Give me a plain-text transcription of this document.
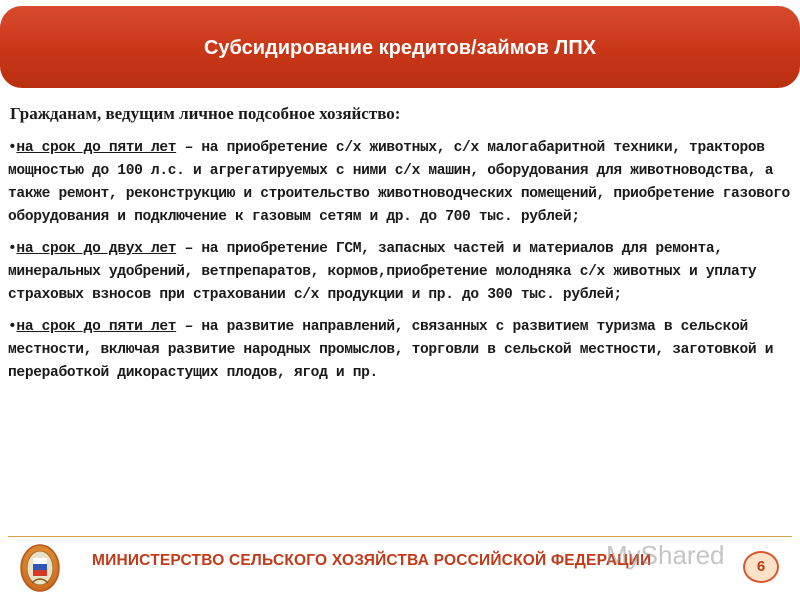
Субсидирование кредитов/займов ЛПХ
Гражданам, ведущим личное подсобное хозяйство:

•на срок до пяти лет – на приобретение с/х животных, с/х малогабаритной техники, тракторов мощностью до 100 л.с. и агрегатируемых с ними с/х машин, оборудования для животноводства, а также ремонт, реконструкцию и строительство животноводческих помещений, приобретение газового оборудования и подключение к газовым сетям и др. до 700 тыс. рублей;

•на срок до двух лет – на приобретение ГСМ, запасных частей и материалов для ремонта, минеральных удобрений, ветпрепаратов, кормов,приобретение молодняка с/х животных и уплату страховых взносов при страховании с/х продукции и пр. до 300 тыс. рублей;

•на срок до пяти лет – на развитие направлений, связанных с развитием туризма в сельской местности, включая развитие народных промыслов, торговли в сельской местности, заготовкой и переработкой дикорастущих плодов, ягод и пр.

МИНИСТЕРСТВО СЕЛЬСКОГО ХОЗЯЙСТВА РОССИЙСКОЙ ФЕДЕРАЦИИ
MyShared	6
